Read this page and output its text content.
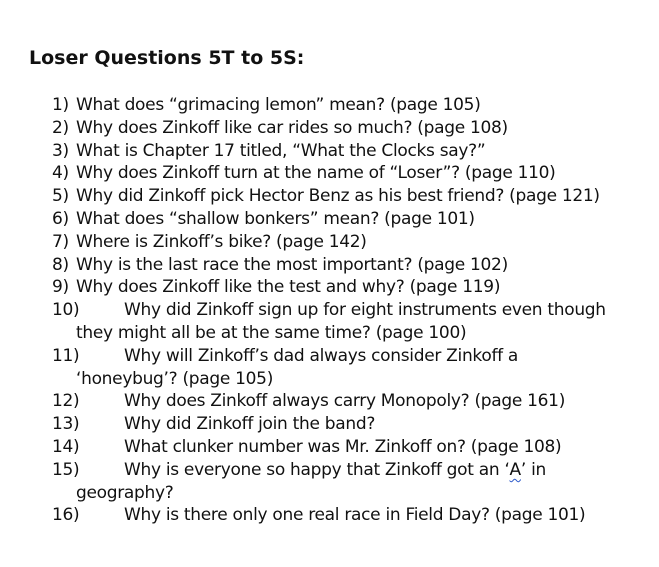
Loser Questions 5T to 5S:
1) What does “grimacing lemon” mean? (page 105)
2) Why does Zinkoff like car rides so much? (page 108)
3) What is Chapter 17 titled, “What the Clocks say?”
4) Why does Zinkoff turn at the name of “Loser”? (page 110)
5) Why did Zinkoff pick Hector Benz as his best friend? (page 121)
6) What does “shallow bonkers” mean? (page 101)
7) Where is Zinkoff’s bike? (page 142)
8) Why is the last race the most important? (page 102)
9) Why does Zinkoff like the test and why? (page 119)
10)	Why did Zinkoff sign up for eight instruments even though
they might all be at the same time? (page 100)
11)	Why will Zinkoff’s dad always consider Zinkoff a
‘honeybug’? (page 105)
12)	Why does Zinkoff always carry Monopoly? (page 161)
13)	Why did Zinkoff join the band?
14)	What clunker number was Mr. Zinkoff on? (page 108)
15)	Why is everyone so happy that Zinkoff got an ‘A’ in
geography?
16)	Why is there only one real race in Field Day? (page 101)
